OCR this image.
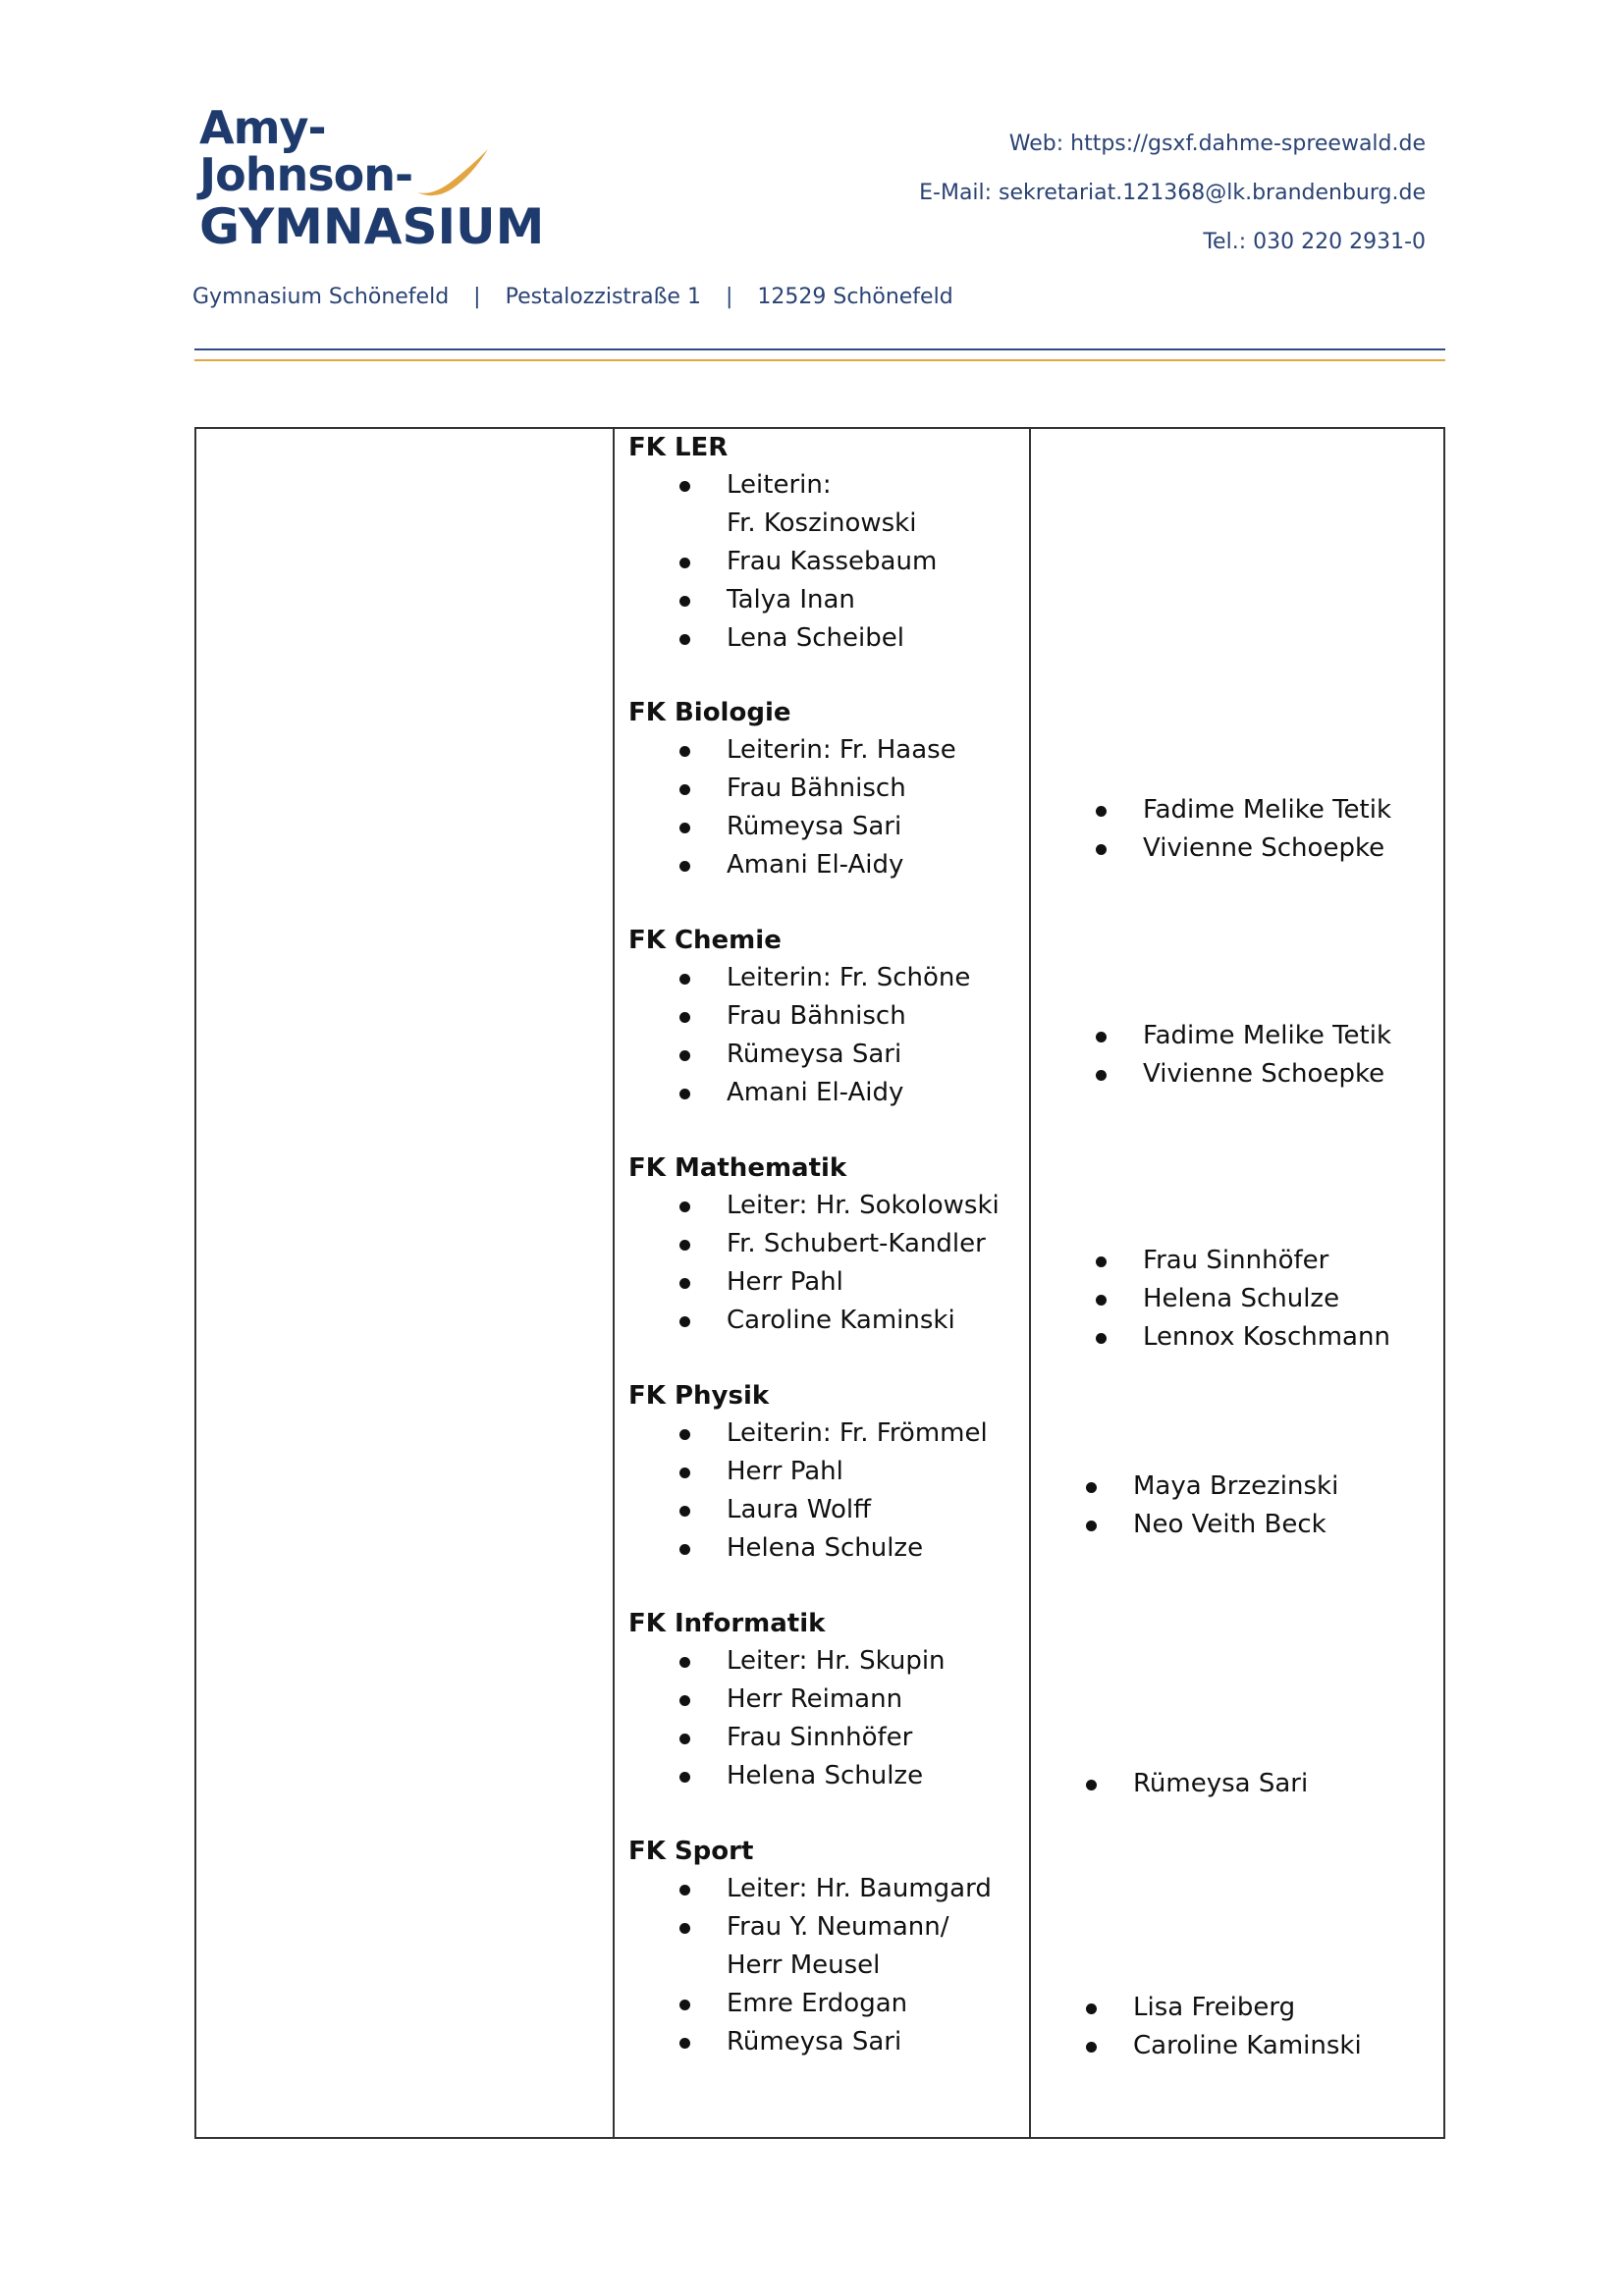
Amy-
Johnson-
GYMNASIUM
Web: https://gsxf.dahme-spreewald.de
E-Mail: sekretariat.121368@lk.brandenburg.de
Tel.: 030 220 2931-0
Gymnasium Schönefeld | Pestalozzistraße 1 | 12529 Schönefeld
FK LER
Leiterin:
Fr. Koszinowski
Frau Kassebaum
Talya Inan
Lena Scheibel
FK Biologie
Leiterin: Fr. Haase
Frau Bähnisch
Rümeysa Sari
Amani El-Aidy
FK Chemie
Leiterin: Fr. Schöne
Frau Bähnisch
Rümeysa Sari
Amani El-Aidy
FK Mathematik
Leiter: Hr. Sokolowski
Fr. Schubert-Kandler
Herr Pahl
Caroline Kaminski
FK Physik
Leiterin: Fr. Frömmel
Herr Pahl
Laura Wolff
Helena Schulze
FK Informatik
Leiter: Hr. Skupin
Herr Reimann
Frau Sinnhöfer
Helena Schulze
FK Sport
Leiter: Hr. Baumgard
Frau Y. Neumann/
Herr Meusel
Emre Erdogan
Rümeysa Sari
Fadime Melike Tetik
Vivienne Schoepke
Fadime Melike Tetik
Vivienne Schoepke
Frau Sinnhöfer
Helena Schulze
Lennox Koschmann
Maya Brzezinski
Neo Veith Beck
Rümeysa Sari
Lisa Freiberg
Caroline Kaminski
